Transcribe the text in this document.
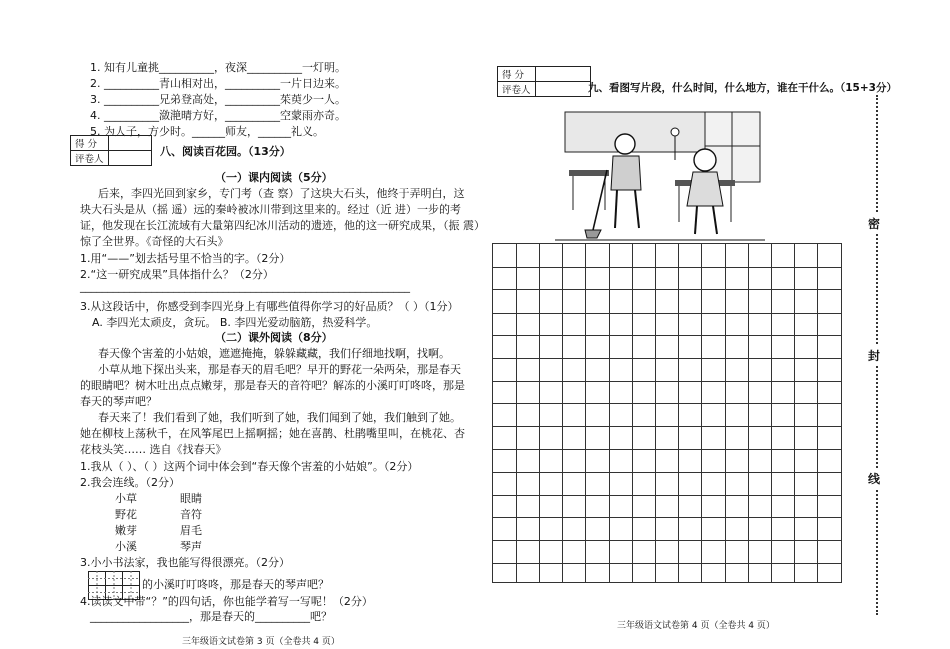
1. 知有儿童挑__________，夜深__________一灯明。
2. __________青山相对出，__________一片日边来。
3. __________兄弟登高处，__________茱萸少一人。
4. __________潋滟晴方好，__________空蒙雨亦奇。
5. 为人子，方少时。______师友，______礼义。
得 分	
评卷人	
八、阅读百花园。（13分）
（一）课内阅读（5分）
后来，李四光回到家乡，专门考（查 察）了这块大石头，他终于弄明白，这
块大石头是从（摇 遥）远的秦岭被冰川带到这里来的。经过（近 进）一步的考
证，他发现在长江流域有大量第四纪冰川活动的遗迹，他的这一研究成果，（振 震）
惊了全世界。《奇怪的大石头》
1.用“——”划去括号里不恰当的字。（2分）
2.“这一研究成果”具体指什么？（2分）
____________________________________________________________
3.从这段话中，你感受到李四光身上有哪些值得你学习的好品质？（ ）（1分）
A. 李四光太顽皮，贪玩。 B. 李四光爱动脑筋，热爱科学。
（二）课外阅读（8分）
春天像个害羞的小姑娘，遮遮掩掩，躲躲藏藏，我们仔细地找啊，找啊。
小草从地下探出头来，那是春天的眉毛吧？早开的野花一朵两朵，那是春天
的眼睛吧？树木吐出点点嫩芽，那是春天的音符吧？解冻的小溪叮叮咚咚，那是
春天的琴声吧？
春天来了！我们看到了她，我们听到了她，我们闻到了她，我们触到了她。
她在柳枝上荡秋千，在风筝尾巴上摇啊摇；她在喜鹊、杜鹃嘴里叫，在桃花、杏
花枝头笑…… 选自《找春天》
1.我从（ ）、（ ）这两个词中体会到“春天像个害羞的小姑娘”。（2分）
2.我会连线。（2分）
小草
野花
嫩芽
小溪
眼睛
音符
眉毛
琴声
3.小小书法家，我也能写得很漂亮。（2分）
的小溪叮叮咚咚，那是春天的琴声吧？
4.读读文中带“？”的四句话，你也能学着写一写呢！（2分）
__________________，那是春天的__________吧？
三年级语文试卷第 3 页（全卷共 4 页）
得 分	
评卷人		九、看图写片段，什么时间，什么地方，谁在干什么。（15+3分）
三年级语文试卷第 4 页（全卷共 4 页）
密
封
线
